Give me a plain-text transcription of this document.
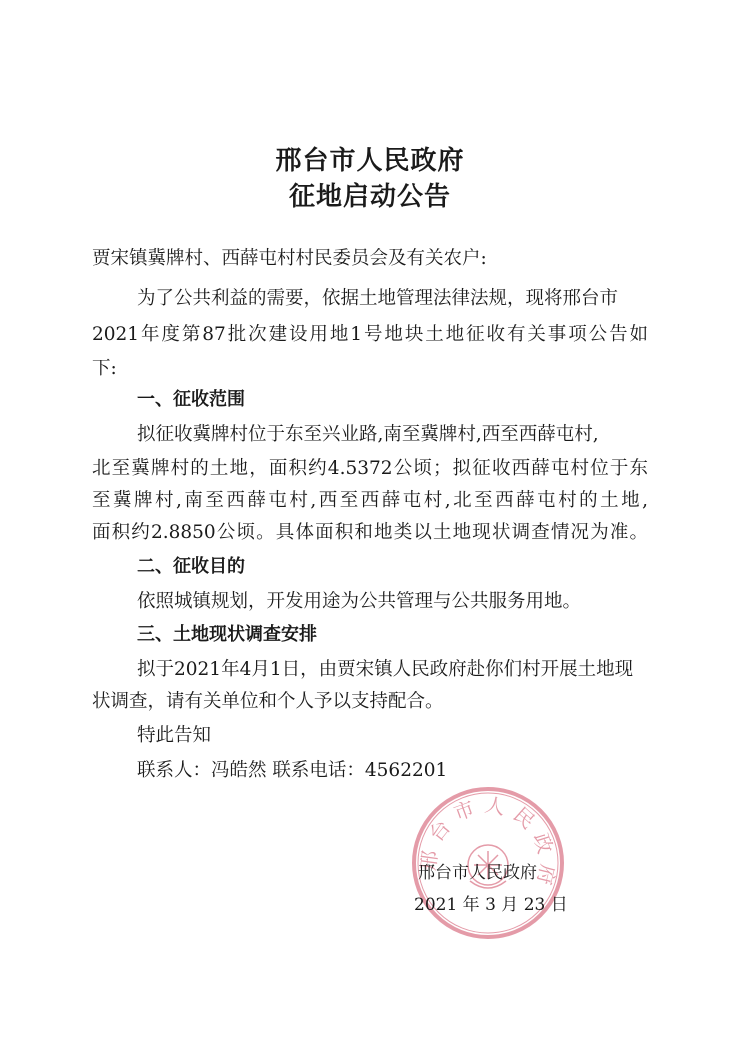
邢台市人民政府
征地启动公告
贾宋镇冀牌村、西薛屯村村民委员会及有关农户:
为了公共利益的需要，依据土地管理法律法规，现将邢台市
2021年度第87批次建设用地1号地块土地征收有关事项公告如
下:
一、征收范围
拟征收冀牌村位于东至兴业路,南至冀牌村,西至西薛屯村,
北至冀牌村的土地，面积约4.5372公顷；拟征收西薛屯村位于东
至冀牌村,南至西薛屯村,西至西薛屯村,北至西薛屯村的土地,
面积约2.8850公顷。具体面积和地类以土地现状调查情况为准。
二、征收目的
依照城镇规划，开发用途为公共管理与公共服务用地。
三、土地现状调查安排
拟于2021年4月1日，由贾宋镇人民政府赴你们村开展土地现
状调查，请有关单位和个人予以支持配合。
特此告知
联系人：冯皓然 联系电话：4562201
邢台市人民政府
邢台市人民政府
2021 年 3 月 23 日
